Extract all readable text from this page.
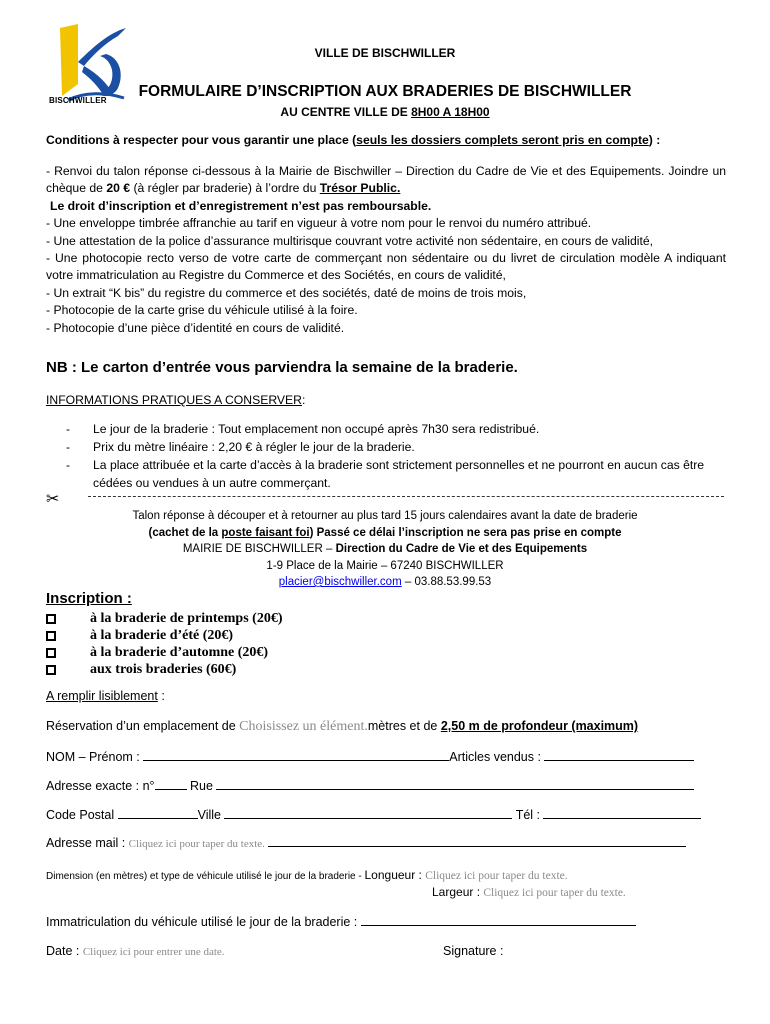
BISCHWILLER
VILLE DE BISCHWILLER
FORMULAIRE D’INSCRIPTION AUX BRADERIES DE BISCHWILLER
AU CENTRE VILLE DE 8H00 A 18H00
Conditions à respecter pour vous garantir une place (seuls les dossiers complets seront pris en compte) :
- Renvoi du talon réponse ci-dessous à la Mairie de Bischwiller – Direction du Cadre de Vie et des Equipements. Joindre un chèque de 20 € (à régler par braderie) à l’ordre du Trésor Public.
Le droit d’inscription et d’enregistrement n’est pas remboursable.
- Une enveloppe timbrée affranchie au tarif en vigueur à votre nom pour le renvoi du numéro attribué.
- Une attestation de la police d’assurance multirisque couvrant votre activité non sédentaire, en cours de validité,
- Une photocopie recto verso de votre carte de commerçant non sédentaire ou du livret de circulation modèle A indiquant votre immatriculation au Registre du Commerce et des Sociétés, en cours de validité,
- Un extrait “K bis” du registre du commerce et des sociétés, daté de moins de trois mois,
- Photocopie de la carte grise du véhicule utilisé à la foire.
- Photocopie d’une pièce d’identité en cours de validité.
NB : Le carton d’entrée vous parviendra la semaine de la braderie.
INFORMATIONS PRATIQUES A CONSERVER:
-	Le jour de la braderie : Tout emplacement non occupé après 7h30 sera redistribué.
-	Prix du mètre linéaire : 2,20 € à régler le jour de la braderie.
-	La place attribuée et la carte d’accès à la braderie sont strictement personnelles et ne pourront en aucun cas être cédées ou vendues à un autre commerçant.
✂
Talon réponse à découper et à retourner au plus tard 15 jours calendaires avant la date de braderie
(cachet de la poste faisant foi) Passé ce délai l’inscription ne sera pas prise en compte
MAIRIE DE BISCHWILLER – Direction du Cadre de Vie et des Equipements
1-9 Place de la Mairie – 67240 BISCHWILLER
placier@bischwiller.com – 03.88.53.99.53
Inscription :
à la braderie de printemps (20€)
à la braderie d’été (20€)
à la braderie d’automne (20€)
aux trois braderies (60€)
A remplir lisiblement :
Réservation d’un emplacement de Choisissez un élément.mètres et de 2,50 m de profondeur (maximum)
NOM – Prénom :	Articles vendus :
Adresse exacte : n°	Rue
Code Postal	Ville	Tél :
Adresse mail : Cliquez ici pour taper du texte.
Dimension (en mètres) et type de véhicule utilisé le jour de la braderie - Longueur : Cliquez ici pour taper du texte.
Largeur : Cliquez ici pour taper du texte.
Immatriculation du véhicule utilisé le jour de la braderie :
Date : Cliquez ici pour entrer une date.	Signature :
